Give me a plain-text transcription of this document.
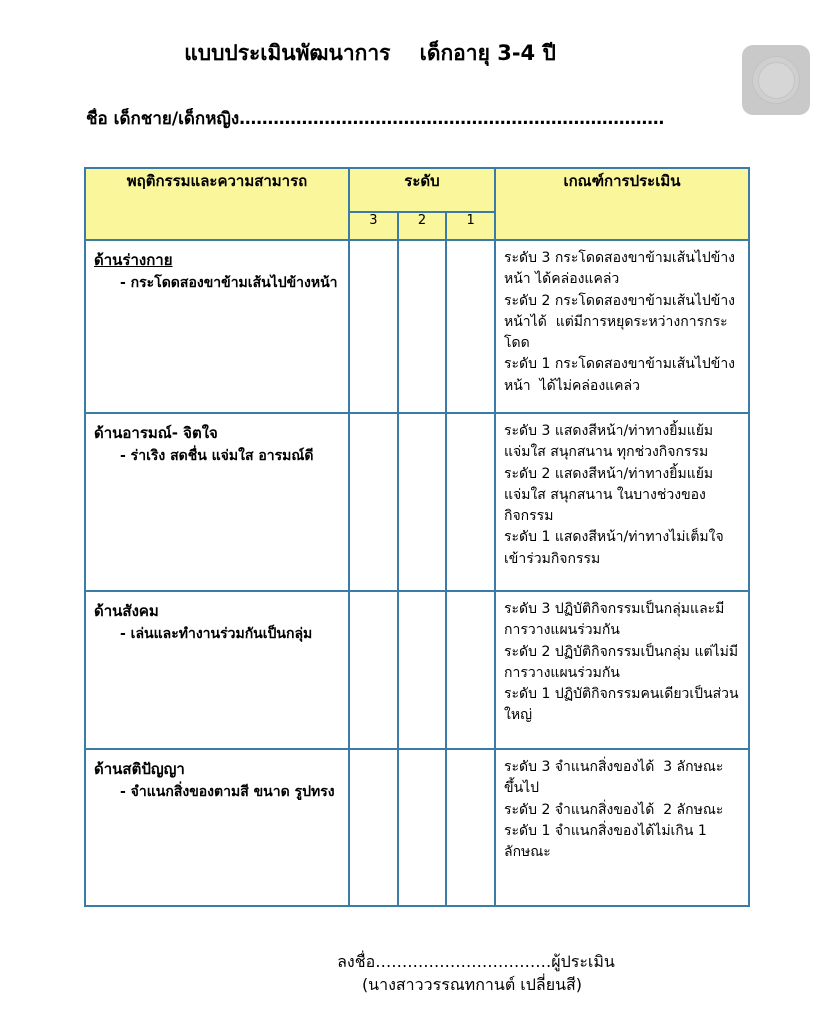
แบบประเมินพัฒนาการ    เด็กอายุ 3-4 ปี
ชื่อ เด็กชาย/เด็กหญิง…………………………………………………………………
พฤติกรรมและความสามารถ	ระดับ			เกณฑ์การประเมิน
	3	2	1	

ด้านร่างกาย
- กระโดดสองขาข้ามเส้นไปข้างหน้า				ระดับ 3 กระโดดสองขาข้ามเส้นไปข้างหน้า ได้คล่องแคล่ว
ระดับ 2 กระโดดสองขาข้ามเส้นไปข้างหน้าได้  แต่มีการหยุดระหว่างการกระโดด
ระดับ 1 กระโดดสองขาข้ามเส้นไปข้างหน้า  ได้ไม่คล่องแคล่ว

ด้านอารมณ์- จิตใจ
- ร่าเริง สดชื่น แจ่มใส อารมณ์ดี				ระดับ 3 แสดงสีหน้า/ท่าทางยิ้มแย้มแจ่มใส สนุกสนาน ทุกช่วงกิจกรรม
ระดับ 2 แสดงสีหน้า/ท่าทางยิ้มแย้มแจ่มใส สนุกสนาน ในบางช่วงของกิจกรรม
ระดับ 1 แสดงสีหน้า/ท่าทางไม่เต็มใจเข้าร่วมกิจกรรม

ด้านสังคม
- เล่นและทำงานร่วมกันเป็นกลุ่ม				ระดับ 3 ปฏิบัติกิจกรรมเป็นกลุ่มและมีการวางแผนร่วมกัน
ระดับ 2 ปฏิบัติกิจกรรมเป็นกลุ่ม แต่ไม่มีการวางแผนร่วมกัน
ระดับ 1 ปฏิบัติกิจกรรมคนเดียวเป็นส่วนใหญ่

ด้านสติปัญญา
- จำแนกสิ่งของตามสี ขนาด รูปทรง				ระดับ 3 จำแนกสิ่งของได้  3 ลักษณะขึ้นไป
ระดับ 2 จำแนกสิ่งของได้  2 ลักษณะ
ระดับ 1 จำแนกสิ่งของได้ไม่เกิน 1 ลักษณะ
ลงชื่อ……………………………ผู้ประเมิน
(นางสาววรรณทกานต์ เปลี่ยนสี)
